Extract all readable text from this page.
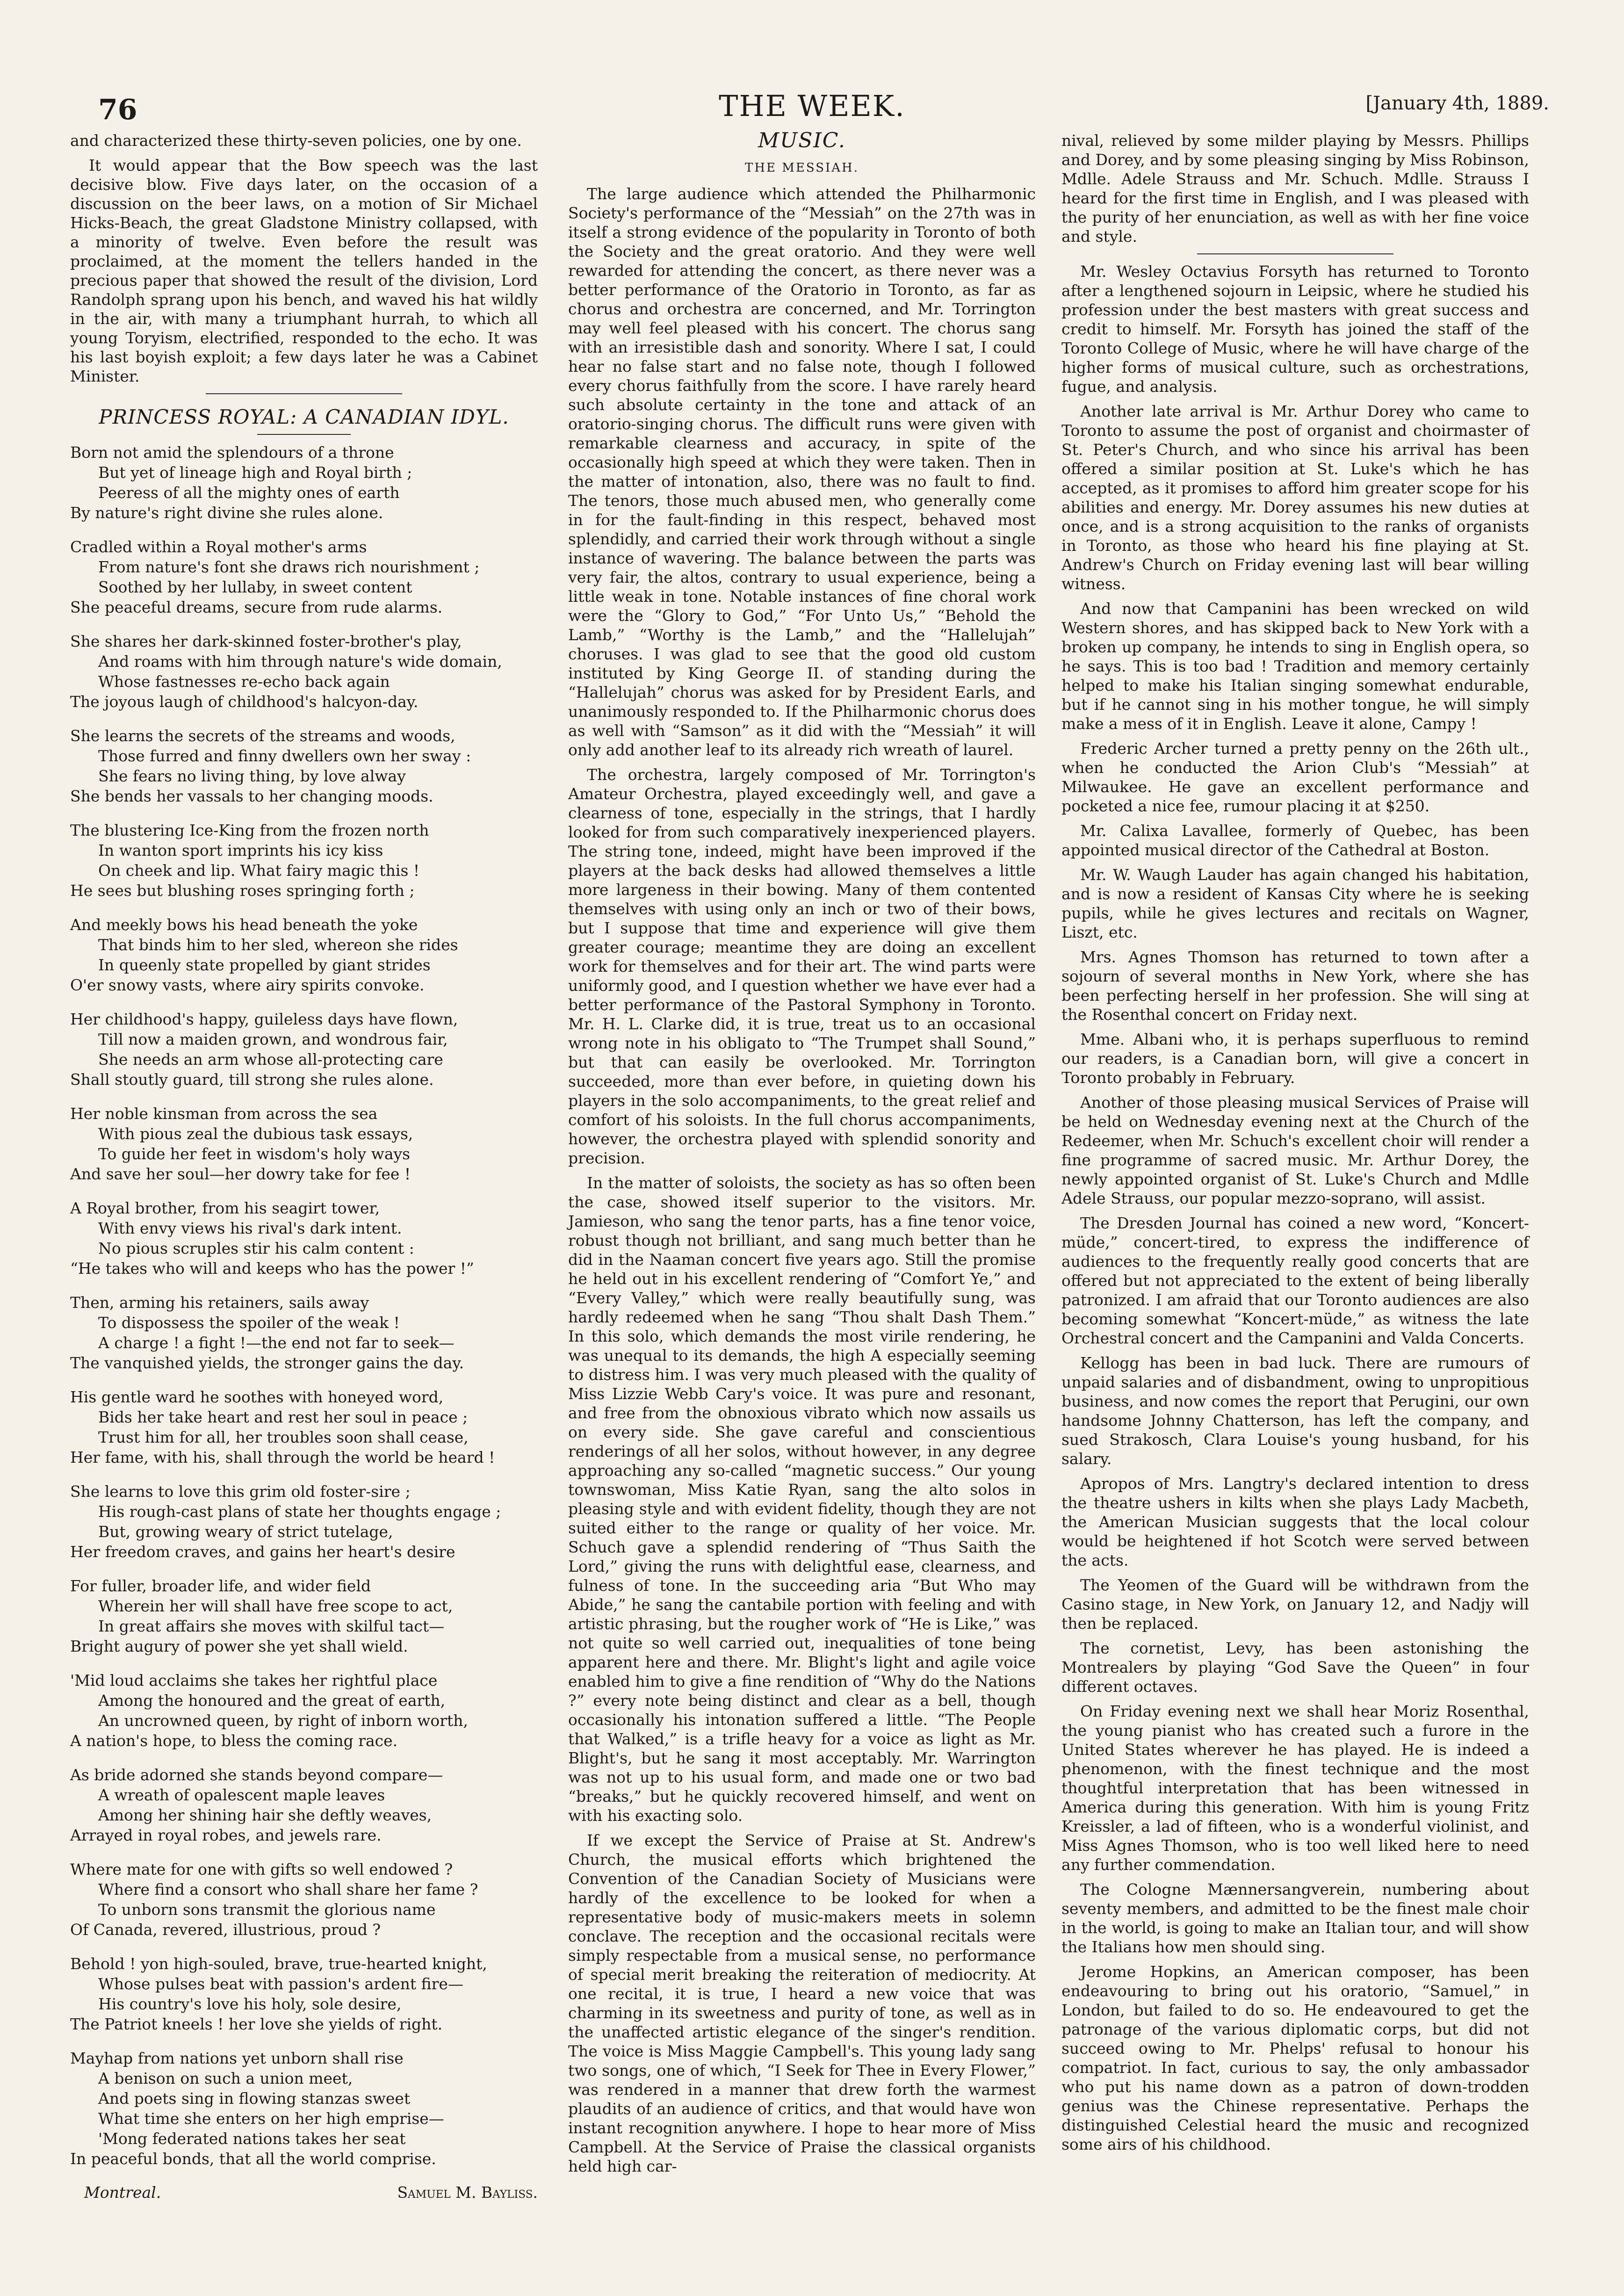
76	THE WEEK.	[January 4th, 1889.

and characterized these thirty-seven policies, one by one.

It would appear that the Bow speech was the last decisive blow. Five days later, on the occasion of a discussion on the beer laws, on a motion of Sir Michael Hicks-Beach, the great Gladstone Ministry collapsed, with a minority of twelve. Even before the result was proclaimed, at the moment the tellers handed in the precious paper that showed the result of the division, Lord Randolph sprang upon his bench, and waved his hat wildly in the air, with many a triumphant hurrah, to which all young Toryism, electrified, responded to the echo. It was his last boyish exploit; a few days later he was a Cabinet Minister.

PRINCESS ROYAL: A CANADIAN IDYL.
Born not amid the splendours of a throne
But yet of lineage high and Royal birth ;
Peeress of all the mighty ones of earth
By nature's right divine she rules alone.
Cradled within a Royal mother's arms
From nature's font she draws rich nourishment ;
Soothed by her lullaby, in sweet content
She peaceful dreams, secure from rude alarms.
She shares her dark-skinned foster-brother's play,
And roams with him through nature's wide domain,
Whose fastnesses re-echo back again
The joyous laugh of childhood's halcyon-day.
She learns the secrets of the streams and woods,
Those furred and finny dwellers own her sway :
She fears no living thing, by love alway
She bends her vassals to her changing moods.
The blustering Ice-King from the frozen north
In wanton sport imprints his icy kiss
On cheek and lip. What fairy magic this !
He sees but blushing roses springing forth ;
And meekly bows his head beneath the yoke
That binds him to her sled, whereon she rides
In queenly state propelled by giant strides
O'er snowy vasts, where airy spirits convoke.
Her childhood's happy, guileless days have flown,
Till now a maiden grown, and wondrous fair,
She needs an arm whose all-protecting care
Shall stoutly guard, till strong she rules alone.
Her noble kinsman from across the sea
With pious zeal the dubious task essays,
To guide her feet in wisdom's holy ways
And save her soul—her dowry take for fee !
A Royal brother, from his seagirt tower,
With envy views his rival's dark intent.
No pious scruples stir his calm content :
“He takes who will and keeps who has the power !”
Then, arming his retainers, sails away
To dispossess the spoiler of the weak !
A charge ! a fight !—the end not far to seek—
The vanquished yields, the stronger gains the day.
His gentle ward he soothes with honeyed word,
Bids her take heart and rest her soul in peace ;
Trust him for all, her troubles soon shall cease,
Her fame, with his, shall through the world be heard !
She learns to love this grim old foster-sire ;
His rough-cast plans of state her thoughts engage ;
But, growing weary of strict tutelage,
Her freedom craves, and gains her heart's desire
For fuller, broader life, and wider field
Wherein her will shall have free scope to act,
In great affairs she moves with skilful tact—
Bright augury of power she yet shall wield.
'Mid loud acclaims she takes her rightful place
Among the honoured and the great of earth,
An uncrowned queen, by right of inborn worth,
A nation's hope, to bless the coming race.
As bride adorned she stands beyond compare—
A wreath of opalescent maple leaves
Among her shining hair she deftly weaves,
Arrayed in royal robes, and jewels rare.
Where mate for one with gifts so well endowed ?
Where find a consort who shall share her fame ?
To unborn sons transmit the glorious name
Of Canada, revered, illustrious, proud ?
Behold ! yon high-souled, brave, true-hearted knight,
Whose pulses beat with passion's ardent fire—
His country's love his holy, sole desire,
The Patriot kneels ! her love she yields of right.
Mayhap from nations yet unborn shall rise
A benison on such a union meet,
And poets sing in flowing stanzas sweet
What time she enters on her high emprise—
'Mong federated nations takes her seat
In peaceful bonds, that all the world comprise.
Montreal.	Samuel M. Bayliss.
MUSIC.
THE MESSIAH.

The large audience which attended the Philharmonic Society's performance of the “Messiah” on the 27th was in itself a strong evidence of the popularity in Toronto of both the Society and the great oratorio. And they were well rewarded for attending the concert, as there never was a better performance of the Oratorio in Toronto, as far as chorus and orchestra are concerned, and Mr. Torrington may well feel pleased with his concert. The chorus sang with an irresistible dash and sonority. Where I sat, I could hear no false start and no false note, though I followed every chorus faithfully from the score. I have rarely heard such absolute certainty in the tone and attack of an oratorio-singing chorus. The difficult runs were given with remarkable clearness and accuracy, in spite of the occasionally high speed at which they were taken. Then in the matter of intonation, also, there was no fault to find. The tenors, those much abused men, who generally come in for the fault-finding in this respect, behaved most splendidly, and carried their work through without a single instance of wavering. The balance between the parts was very fair, the altos, contrary to usual experience, being a little weak in tone. Notable instances of fine choral work were the “Glory to God,” “For Unto Us,” “Behold the Lamb,” “Worthy is the Lamb,” and the “Hallelujah” choruses. I was glad to see that the good old custom instituted by King George II. of standing during the “Hallelujah” chorus was asked for by President Earls, and unanimously responded to. If the Philharmonic chorus does as well with “Samson” as it did with the “Messiah” it will only add another leaf to its already rich wreath of laurel.

The orchestra, largely composed of Mr. Torrington's Amateur Orchestra, played exceedingly well, and gave a clearness of tone, especially in the strings, that I hardly looked for from such comparatively inexperienced players. The string tone, indeed, might have been improved if the players at the back desks had allowed themselves a little more largeness in their bowing. Many of them contented themselves with using only an inch or two of their bows, but I suppose that time and experience will give them greater courage; meantime they are doing an excellent work for themselves and for their art. The wind parts were uniformly good, and I question whether we have ever had a better performance of the Pastoral Symphony in Toronto. Mr. H. L. Clarke did, it is true, treat us to an occasional wrong note in his obligato to “The Trumpet shall Sound,” but that can easily be overlooked. Mr. Torrington succeeded, more than ever before, in quieting down his players in the solo accompaniments, to the great relief and comfort of his soloists. In the full chorus accompaniments, however, the orchestra played with splendid sonority and precision.

In the matter of soloists, the society as has so often been the case, showed itself superior to the visitors. Mr. Jamieson, who sang the tenor parts, has a fine tenor voice, robust though not brilliant, and sang much better than he did in the Naaman concert five years ago. Still the promise he held out in his excellent rendering of “Comfort Ye,” and “Every Valley,” which were really beautifully sung, was hardly redeemed when he sang “Thou shalt Dash Them.” In this solo, which demands the most virile rendering, he was unequal to its demands, the high A especially seeming to distress him. I was very much pleased with the quality of Miss Lizzie Webb Cary's voice. It was pure and resonant, and free from the obnoxious vibrato which now assails us on every side. She gave careful and conscientious renderings of all her solos, without however, in any degree approaching any so-called “magnetic success.” Our young townswoman, Miss Katie Ryan, sang the alto solos in pleasing style and with evident fidelity, though they are not suited either to the range or quality of her voice. Mr. Schuch gave a splendid rendering of “Thus Saith the Lord,” giving the runs with delightful ease, clearness, and fulness of tone. In the succeeding aria “But Who may Abide,” he sang the cantabile portion with feeling and with artistic phrasing, but the rougher work of “He is Like,” was not quite so well carried out, inequalities of tone being apparent here and there. Mr. Blight's light and agile voice enabled him to give a fine rendition of “Why do the Nations ?” every note being distinct and clear as a bell, though occasionally his intonation suffered a little. “The People that Walked,” is a trifle heavy for a voice as light as Mr. Blight's, but he sang it most acceptably. Mr. Warrington was not up to his usual form, and made one or two bad “breaks,” but he quickly recovered himself, and went on with his exacting solo.

If we except the Service of Praise at St. Andrew's Church, the musical efforts which brightened the Convention of the Canadian Society of Musicians were hardly of the excellence to be looked for when a representative body of music-makers meets in solemn conclave. The reception and the occasional recitals were simply respectable from a musical sense, no performance of special merit breaking the reiteration of mediocrity. At one recital, it is true, I heard a new voice that was charming in its sweetness and purity of tone, as well as in the unaffected artistic elegance of the singer's rendition. The voice is Miss Maggie Campbell's. This young lady sang two songs, one of which, “I Seek for Thee in Every Flower,” was rendered in a manner that drew forth the warmest plaudits of an audience of critics, and that would have won instant recognition anywhere. I hope to hear more of Miss Campbell. At the Service of Praise the classical organists held high car-

nival, relieved by some milder playing by Messrs. Phillips and Dorey, and by some pleasing singing by Miss Robinson, Mdlle. Adele Strauss and Mr. Schuch. Mdlle. Strauss I heard for the first time in English, and I was pleased with the purity of her enunciation, as well as with her fine voice and style.

Mr. Wesley Octavius Forsyth has returned to Toronto after a lengthened sojourn in Leipsic, where he studied his profession under the best masters with great success and credit to himself. Mr. Forsyth has joined the staff of the Toronto College of Music, where he will have charge of the higher forms of musical culture, such as orchestrations, fugue, and analysis.

Another late arrival is Mr. Arthur Dorey who came to Toronto to assume the post of organist and choirmaster of St. Peter's Church, and who since his arrival has been offered a similar position at St. Luke's which he has accepted, as it promises to afford him greater scope for his abilities and energy. Mr. Dorey assumes his new duties at once, and is a strong acquisition to the ranks of organists in Toronto, as those who heard his fine playing at St. Andrew's Church on Friday evening last will bear willing witness.

And now that Campanini has been wrecked on wild Western shores, and has skipped back to New York with a broken up company, he intends to sing in English opera, so he says. This is too bad ! Tradition and memory certainly helped to make his Italian singing somewhat endurable, but if he cannot sing in his mother tongue, he will simply make a mess of it in English. Leave it alone, Campy !

Frederic Archer turned a pretty penny on the 26th ult., when he conducted the Arion Club's “Messiah” at Milwaukee. He gave an excellent performance and pocketed a nice fee, rumour placing it at $250.

Mr. Calixa Lavallee, formerly of Quebec, has been appointed musical director of the Cathedral at Boston.

Mr. W. Waugh Lauder has again changed his habitation, and is now a resident of Kansas City where he is seeking pupils, while he gives lectures and recitals on Wagner, Liszt, etc.

Mrs. Agnes Thomson has returned to town after a sojourn of several months in New York, where she has been perfecting herself in her profession. She will sing at the Rosenthal concert on Friday next.

Mme. Albani who, it is perhaps superfluous to remind our readers, is a Canadian born, will give a concert in Toronto probably in February.

Another of those pleasing musical Services of Praise will be held on Wednesday evening next at the Church of the Redeemer, when Mr. Schuch's excellent choir will render a fine programme of sacred music. Mr. Arthur Dorey, the newly appointed organist of St. Luke's Church and Mdlle Adele Strauss, our popular mezzo-soprano, will assist.

The Dresden Journal has coined a new word, “Koncert-müde,” concert-tired, to express the indifference of audiences to the frequently really good concerts that are offered but not appreciated to the extent of being liberally patronized. I am afraid that our Toronto audiences are also becoming somewhat “Koncert-müde,” as witness the late Orchestral concert and the Campanini and Valda Concerts.

Kellogg has been in bad luck. There are rumours of unpaid salaries and of disbandment, owing to unpropitious business, and now comes the report that Perugini, our own handsome Johnny Chatterson, has left the company, and sued Strakosch, Clara Louise's young husband, for his salary.

Apropos of Mrs. Langtry's declared intention to dress the theatre ushers in kilts when she plays Lady Macbeth, the American Musician suggests that the local colour would be heightened if hot Scotch were served between the acts.

The Yeomen of the Guard will be withdrawn from the Casino stage, in New York, on January 12, and Nadjy will then be replaced.

The cornetist, Levy, has been astonishing the Montrealers by playing “God Save the Queen” in four different octaves.

On Friday evening next we shall hear Moriz Rosenthal, the young pianist who has created such a furore in the United States wherever he has played. He is indeed a phenomenon, with the finest technique and the most thoughtful interpretation that has been witnessed in America during this generation. With him is young Fritz Kreissler, a lad of fifteen, who is a wonderful violinist, and Miss Agnes Thomson, who is too well liked here to need any further commendation.

The Cologne Mænnersangverein, numbering about seventy members, and admitted to be the finest male choir in the world, is going to make an Italian tour, and will show the Italians how men should sing.

Jerome Hopkins, an American composer, has been endeavouring to bring out his oratorio, “Samuel,” in London, but failed to do so. He endeavoured to get the patronage of the various diplomatic corps, but did not succeed owing to Mr. Phelps' refusal to honour his compatriot. In fact, curious to say, the only ambassador who put his name down as a patron of down-trodden genius was the Chinese representative. Perhaps the distinguished Celestial heard the music and recognized some airs of his childhood.
